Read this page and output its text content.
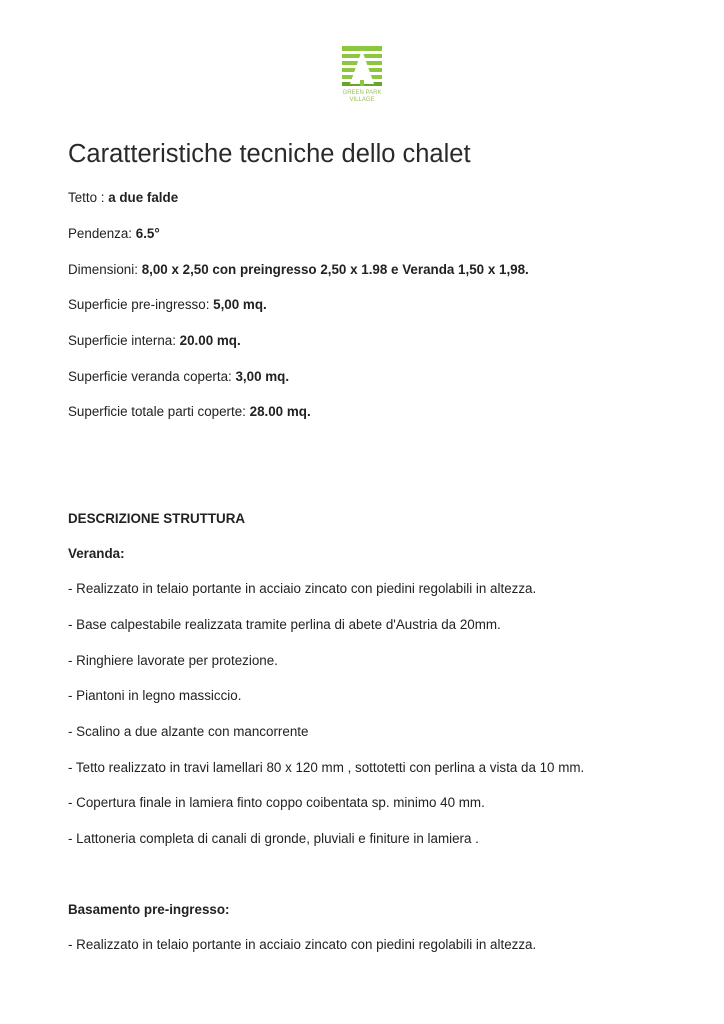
GREEN PARK
VILLAGE
Caratteristiche tecniche dello chalet

Tetto : a due falde

Pendenza: 6.5°

Dimensioni: 8,00 x 2,50 con preingresso 2,50 x 1.98 e Veranda 1,50 x 1,98.

Superficie pre-ingresso: 5,00 mq.

Superficie interna: 20.00 mq.

Superficie veranda coperta: 3,00 mq.

Superficie totale parti coperte: 28.00 mq.

DESCRIZIONE STRUTTURA

Veranda:

- Realizzato in telaio portante in acciaio zincato con piedini regolabili in altezza.

- Base calpestabile realizzata tramite perlina di abete d'Austria da 20mm.

- Ringhiere lavorate per protezione.

- Piantoni in legno massiccio.

- Scalino a due alzante con mancorrente

- Tetto realizzato in travi lamellari 80 x 120 mm , sottotetti con perlina a vista da 10 mm.

- Copertura finale in lamiera finto coppo coibentata sp. minimo 40 mm.

- Lattoneria completa di canali di gronde, pluviali e finiture in lamiera .

Basamento pre-ingresso:

- Realizzato in telaio portante in acciaio zincato con piedini regolabili in altezza.
